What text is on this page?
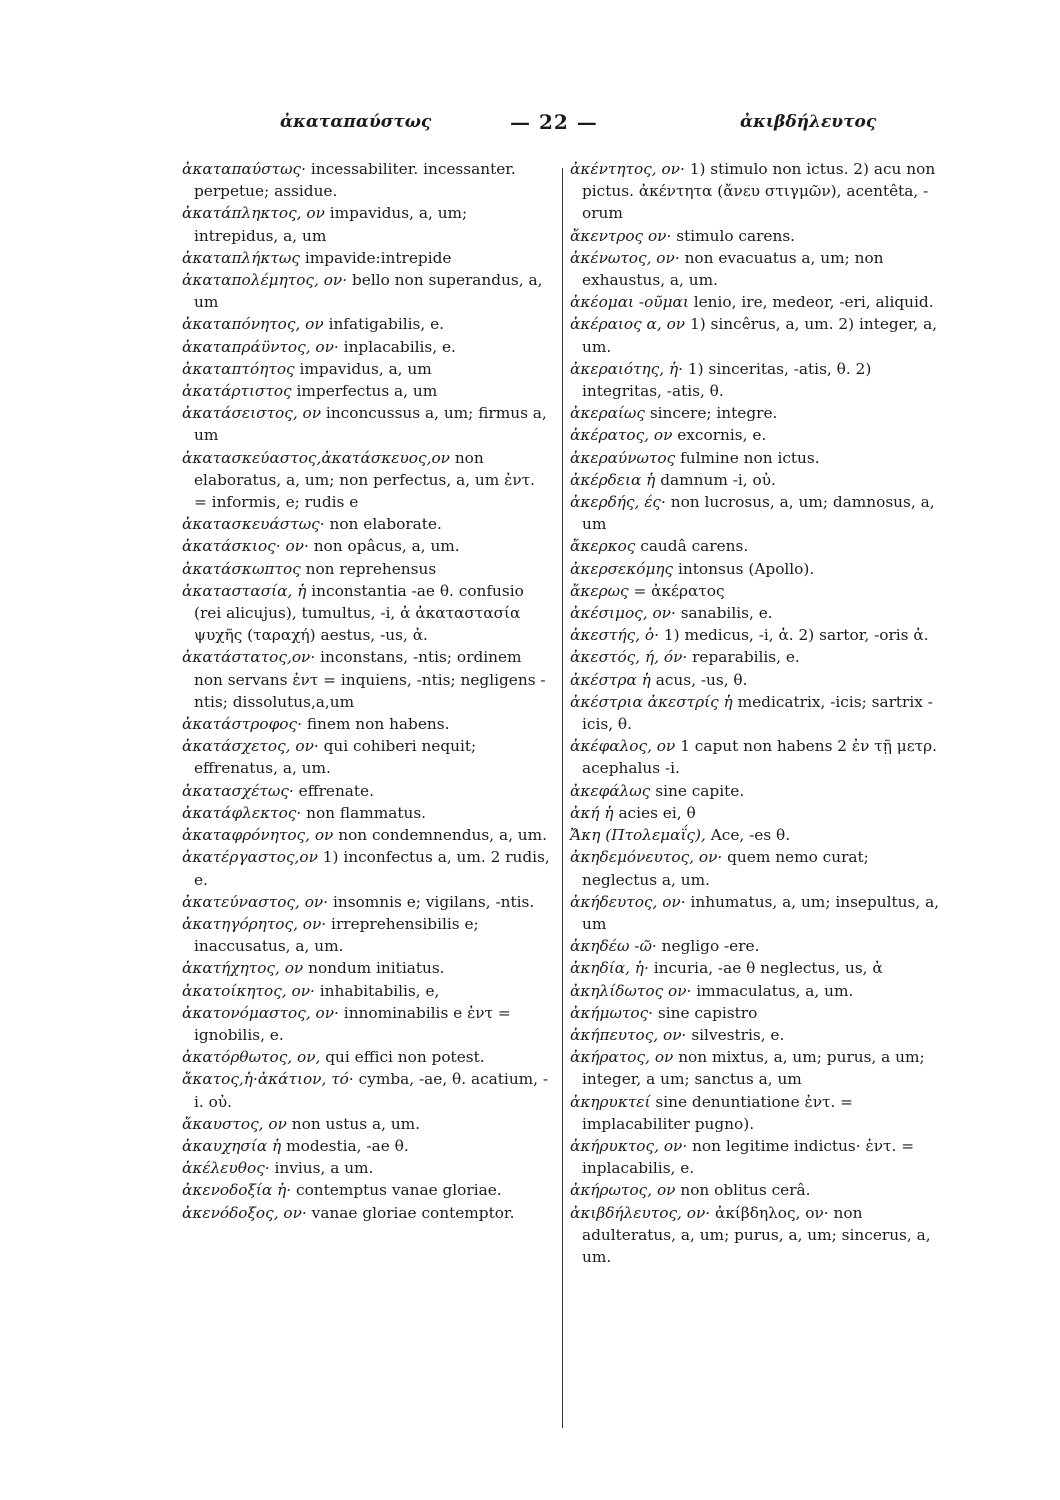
ἀκαταπαύστως	— 22 —	ἀκιβδήλευτος

ἀκαταπαύστως· incessabiliter. incessanter. perpetue; assidue.

ἀκατάπληκτος, ον impavidus, a, um; intrepidus, a, um

ἀκαταπλήκτως impavide:intrepide

ἀκαταπολέμητος, ον· bello non superandus, a, um

ἀκαταπόνητος, ον infatigabilis, e.

ἀκαταπράϋντος, ον· inplacabilis, e.

ἀκαταπτόητος impavidus, a, um

ἀκατάρτιστος imperfectus a, um

ἀκατάσειστος, ον inconcussus a, um; firmus a, um

ἀκατασκεύαστος,ἀκατάσκευος,ον non elaboratus, a, um; non perfectus, a, um ἐντ. = informis, e; rudis e

ἀκατασκευάστως· non elaborate.

ἀκατάσκιος· ον· non opâcus, a, um.

ἀκατάσκωπτος non reprehensus

ἀκαταστασία, ἡ inconstantia -ae θ. confusio (rei alicujus), tumultus, -i, ἀ ἀκαταστασία ψυχῆς (ταραχή) aestus, -us, ἀ.

ἀκατάστατος,ον· inconstans, -ntis; ordinem non servans ἐντ = inquiens, -ntis; negligens -ntis; dissolutus,a,um

ἀκατάστροφος· finem non habens.

ἀκατάσχετος, ον· qui cohiberi nequit; effrenatus, a, um.

ἀκατασχέτως· effrenate.

ἀκατάφλεκτος· non flammatus.

ἀκαταφρόνητος, ον non condemnendus, a, um.

ἀκατέργαστος,ον 1) inconfectus a, um. 2 rudis, e.

ἀκατεύναστος, ον· insomnis e; vigilans, -ntis.

ἀκατηγόρητος, ον· irreprehensibilis e; inaccusatus, a, um.

ἀκατήχητος, ον nondum initiatus.

ἀκατοίκητος, ον· inhabitabilis, e,

ἀκατονόμαστος, ον· innominabilis e ἐντ = ignobilis, e.

ἀκατόρθωτος, ον, qui effici non potest.

ἄκατος,ἡ·ἀκάτιον, τό· cymba, -ae, θ. acatium, -i. οὐ.

ἄκαυστος, ον non ustus a, um.

ἀκαυχησία ἡ modestia, -ae θ.

ἀκέλευθος· invius, a um.

ἀκενοδοξία ἡ· contemptus vanae gloriae.

ἀκενόδοξος, ον· vanae gloriae contemptor.

ἀκέντητος, ον· 1) stimulo non ictus. 2) acu non pictus. ἀκέντητα (ἄνευ στιγμῶν), acentêta, -orum

ἄκεντρος ον· stimulo carens.

ἀκένωτος, ον· non evacuatus a, um; non exhaustus, a, um.

ἀκέομαι -οῦμαι lenio, ire, medeor, -eri, aliquid.

ἀκέραιος α, ον 1) sincêrus, a, um. 2) integer, a, um.

ἀκεραιότης, ἡ· 1) sinceritas, -atis, θ. 2) integritas, -atis, θ.

ἀκεραίως sincere; integre.

ἀκέρατος, ον excornis, e.

ἀκεραύνωτος fulmine non ictus.

ἀκέρδεια ἡ damnum -i, οὐ.

ἀκερδής, ές· non lucrosus, a, um; damnosus, a, um

ἄκερκος caudâ carens.

ἀκερσεκόμης intonsus (Apollo).

ἄκερως = ἀκέρατος

ἀκέσιμος, ον· sanabilis, e.

ἀκεστής, ὁ· 1) medicus, -i, ἀ. 2) sartor, -oris ἀ.

ἀκεστός, ή, όν· reparabilis, e.

ἀκέστρα ἡ acus, -us, θ.

ἀκέστρια ἀκεστρίς ἡ medicatrix, -icis; sartrix -icis, θ.

ἀκέφαλος, ον 1 caput non habens 2 ἐν τῇ μετρ. acephalus -i.

ἀκεφάλως sine capite.

ἀκή ἡ acies ei, θ

Ἄκη (Πτολεμαΐς), Ace, -es θ.

ἀκηδεμόνευτος, ον· quem nemo curat; neglectus a, um.

ἀκήδευτος, ον· inhumatus, a, um; insepultus, a, um

ἀκηδέω -ῶ· negligo -ere.

ἀκηδία, ἡ· incuria, -ae θ neglectus, us, ἀ

ἀκηλίδωτος ον· immaculatus, a, um.

ἀκήμωτος· sine capistro

ἀκήπευτος, ον· silvestris, e.

ἀκήρατος, ον non mixtus, a, um; purus, a um; integer, a um; sanctus a, um

ἀκηρυκτεί sine denuntiatione ἐντ. = implacabiliter pugno).

ἀκήρυκτος, ον· non legitime indictus· ἐντ. = inplacabilis, e.

ἀκήρωτος, ον non oblitus cerâ.

ἀκιβδήλευτος, ον· ἀκίβδηλος, ον· non adulteratus, a, um; purus, a, um; sincerus, a, um.
